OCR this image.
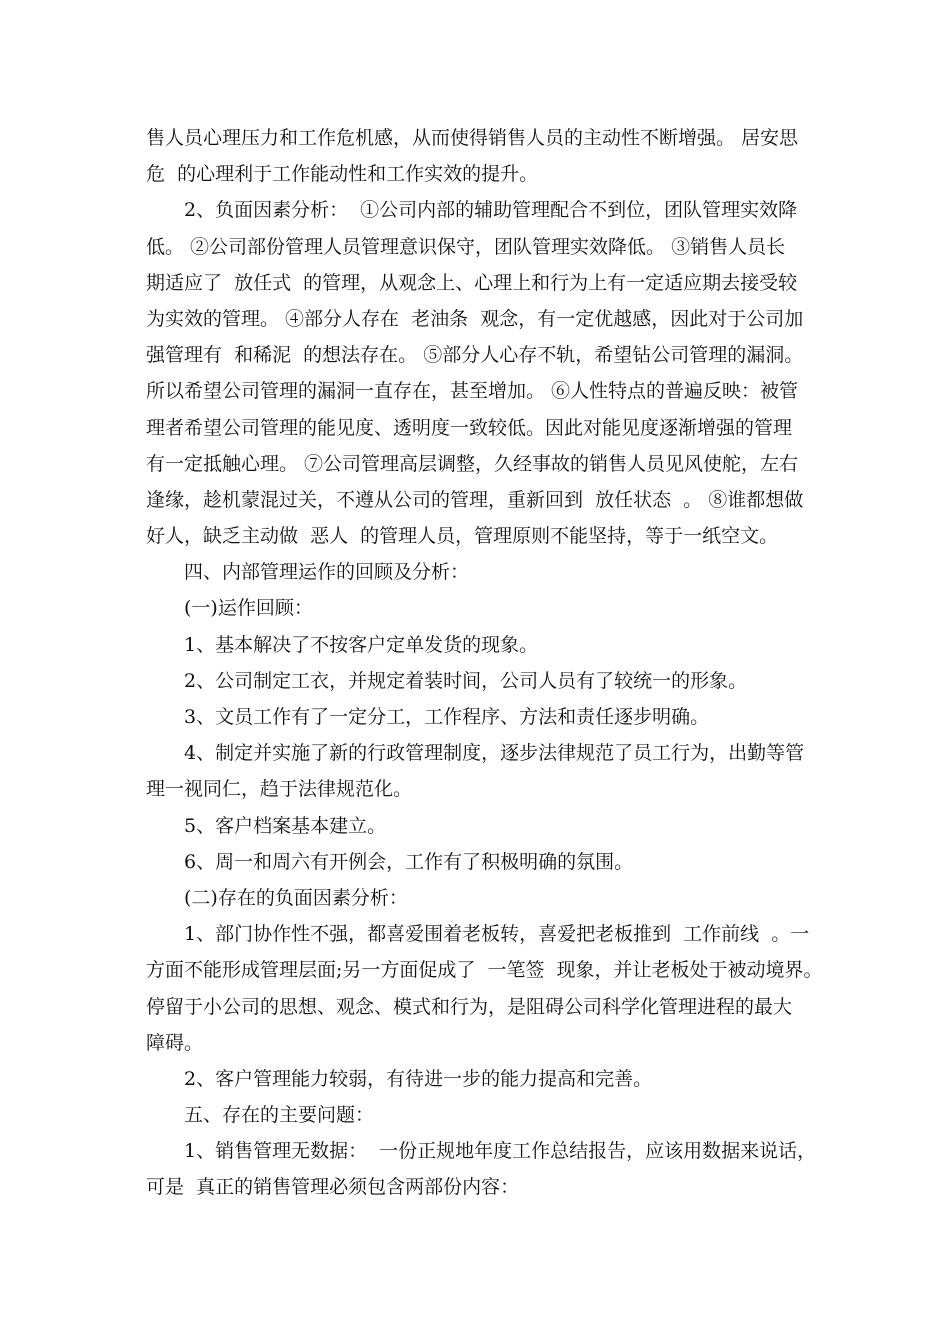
售人员心理压力和工作危机感，从而使得销售人员的主动性不断增强。 居安思
危  的心理利于工作能动性和工作实效的提升。
2、负面因素分析：  ①公司内部的辅助管理配合不到位，团队管理实效降
低。 ②公司部份管理人员管理意识保守，团队管理实效降低。 ③销售人员长
期适应了  放任式  的管理，从观念上、心理上和行为上有一定适应期去接受较
为实效的管理。 ④部分人存在  老油条  观念，有一定优越感，因此对于公司加
强管理有  和稀泥  的想法存在。 ⑤部分人心存不轨，希望钻公司管理的漏洞。
所以希望公司管理的漏洞一直存在，甚至增加。 ⑥人性特点的普遍反映：被管
理者希望公司管理的能见度、透明度一致较低。因此对能见度逐渐增强的管理
有一定抵触心理。 ⑦公司管理高层调整，久经事故的销售人员见风使舵，左右
逢缘，趁机蒙混过关，不遵从公司的管理，重新回到  放任状态  。 ⑧谁都想做
好人，缺乏主动做  恶人  的管理人员，管理原则不能坚持，等于一纸空文。
四、内部管理运作的回顾及分析：
(一)运作回顾：
1、基本解决了不按客户定单发货的现象。
2、公司制定工衣，并规定着装时间，公司人员有了较统一的形象。
3、文员工作有了一定分工，工作程序、方法和责任逐步明确。
4、制定并实施了新的行政管理制度，逐步法律规范了员工行为，出勤等管
理一视同仁，趋于法律规范化。
5、客户档案基本建立。
6、周一和周六有开例会，工作有了积极明确的氛围。
(二)存在的负面因素分析：
1、部门协作性不强，都喜爱围着老板转，喜爱把老板推到  工作前线  。一
方面不能形成管理层面;另一方面促成了  一笔签  现象，并让老板处于被动境界。
停留于小公司的思想、观念、模式和行为，是阻碍公司科学化管理进程的最大
障碍。
2、客户管理能力较弱，有待进一步的能力提高和完善。
五、存在的主要问题：
1、销售管理无数据：  一份正规地年度工作总结报告，应该用数据来说话，
可是  真正的销售管理必须包含两部份内容：
